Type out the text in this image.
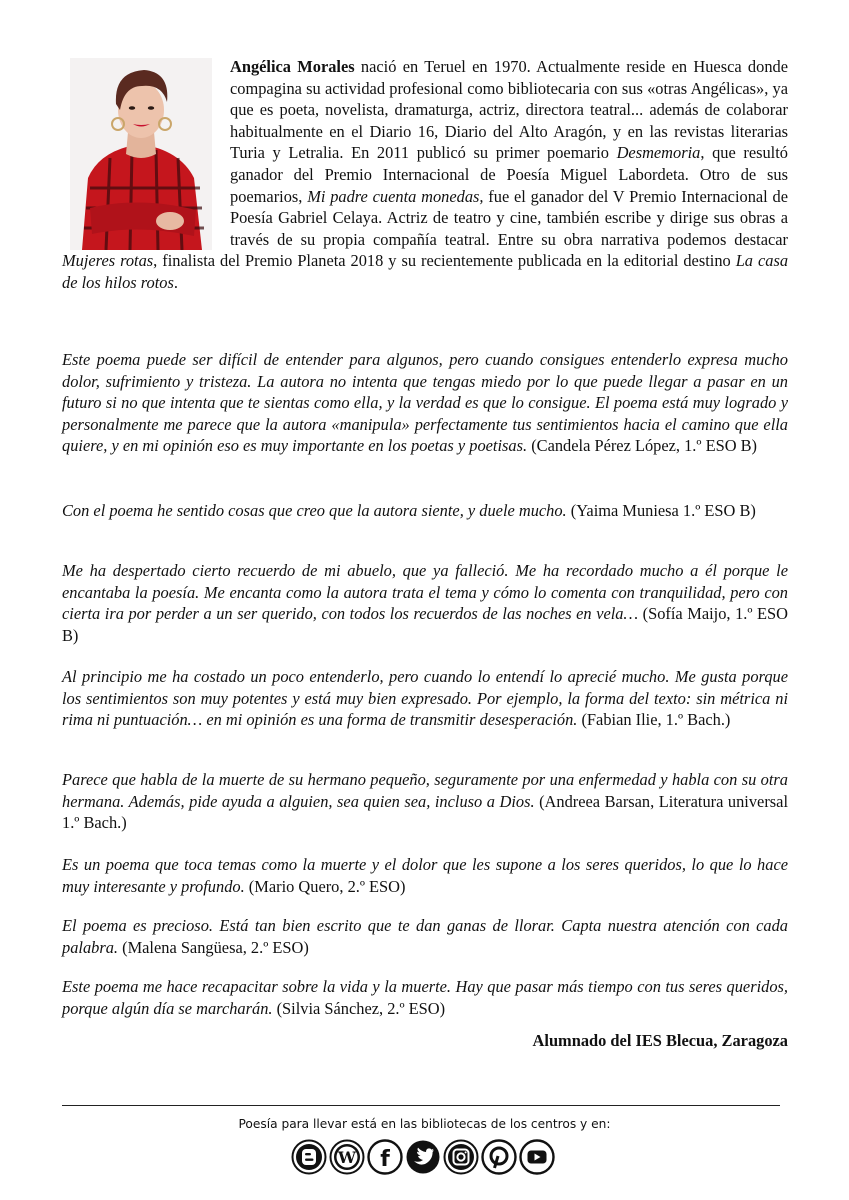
Angélica Morales nació en Teruel en 1970. Actualmente reside en Huesca donde compagina su actividad profesional como bibliotecaria con sus «otras Angélicas», ya que es poeta, novelista, dramaturga, actriz, directora teatral... además de colaborar habitualmente en el Diario 16, Diario del Alto Aragón, y en las revistas literarias Turia y Letralia. En 2011 publicó su primer poemario Desmemoria, que resultó ganador del Premio Internacional de Poesía Miguel Labordeta. Otro de sus poemarios, Mi padre cuenta monedas, fue el ganador del V Premio Internacional de Poesía Gabriel Celaya. Actriz de teatro y cine, también escribe y dirige sus obras a través de su propia compañía teatral. Entre su obra narrativa podemos destacar Mujeres rotas, finalista del Premio Planeta 2018 y su recientemente publicada en la editorial destino La casa de los hilos rotos.

Este poema puede ser difícil de entender para algunos, pero cuando consigues entenderlo expresa mucho dolor, sufrimiento y tristeza. La autora no intenta que tengas miedo por lo que puede llegar a pasar en un futuro si no que intenta que te sientas como ella, y la verdad es que lo consigue. El poema está muy logrado y personalmente me parece que la autora «manipula» perfectamente tus sentimientos hacia el camino que ella quiere, y en mi opinión eso es muy importante en los poetas y poetisas. (Candela Pérez López, 1.º ESO B)

Con el poema he sentido cosas que creo que la autora siente, y duele mucho. (Yaima Muniesa 1.º ESO B)

Me ha despertado cierto recuerdo de mi abuelo, que ya falleció. Me ha recordado mucho a él porque le encantaba la poesía. Me encanta como la autora trata el tema y cómo lo comenta con tranquilidad, pero con cierta ira por perder a un ser querido, con todos los recuerdos de las noches en vela… (Sofía Maijo, 1.º ESO B)

Al principio me ha costado un poco entenderlo, pero cuando lo entendí lo aprecié mucho. Me gusta porque los sentimientos son muy potentes y está muy bien expresado. Por ejemplo, la forma del texto: sin métrica ni rima ni puntuación… en mi opinión es una forma de transmitir desesperación. (Fabian Ilie, 1.º Bach.)

Parece que habla de la muerte de su hermano pequeño, seguramente por una enfermedad y habla con su otra hermana. Además, pide ayuda a alguien, sea quien sea, incluso a Dios. (Andreea Barsan, Literatura universal 1.º Bach.)

Es un poema que toca temas como la muerte y el dolor que les supone a los seres queridos, lo que lo hace muy interesante y profundo. (Mario Quero, 2.º ESO)

El poema es precioso. Está tan bien escrito que te dan ganas de llorar. Capta nuestra atención con cada palabra. (Malena Sangüesa, 2.º ESO)

Este poema me hace recapacitar sobre la vida y la muerte. Hay que pasar más tiempo con tus seres queridos, porque algún día se marcharán. (Silvia Sánchez, 2.º ESO)

Alumnado del IES Blecua, Zaragoza
Poesía para llevar está en las bibliotecas de los centros y en:
W f
